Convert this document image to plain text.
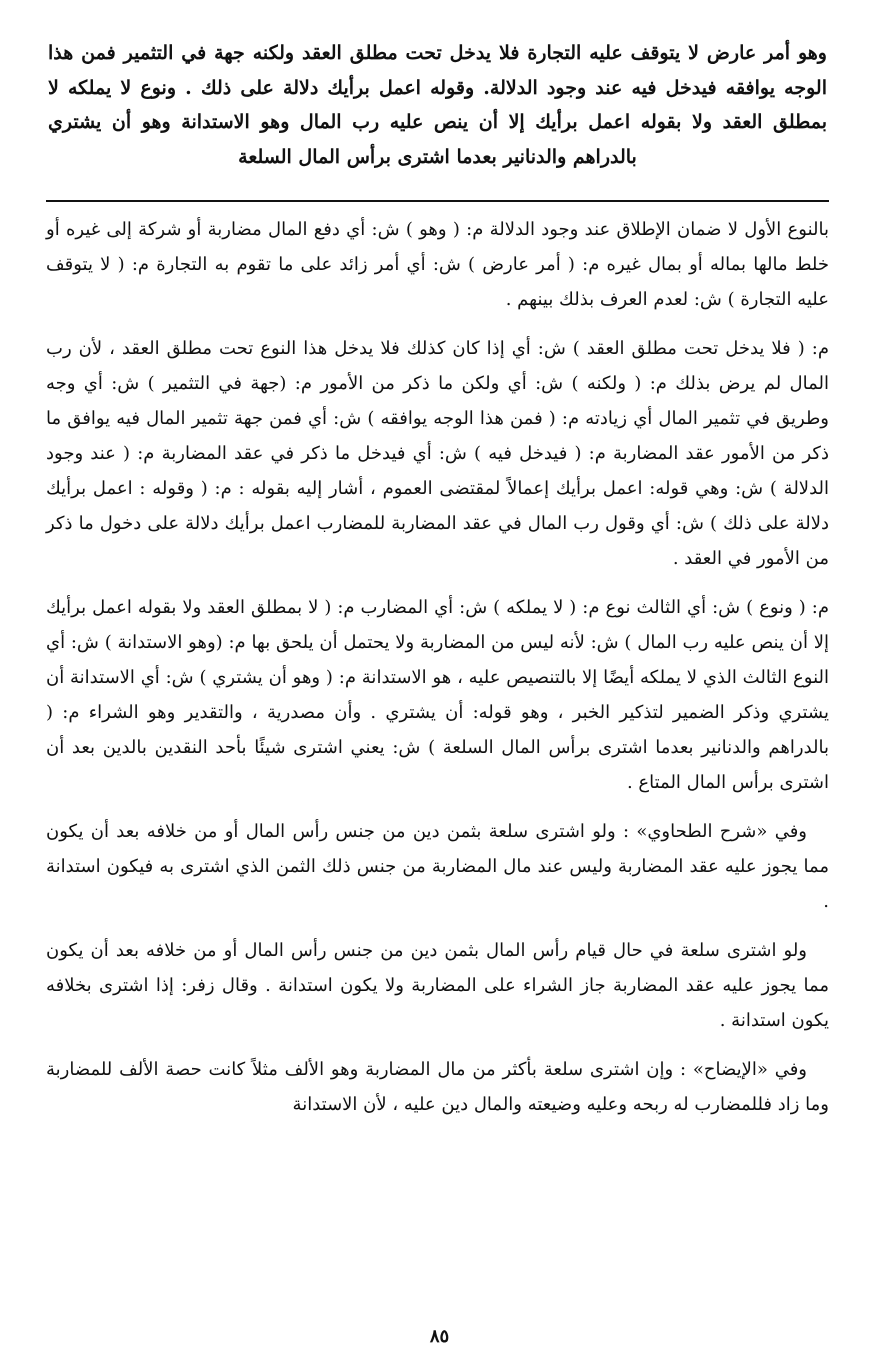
وهو أمر عارض لا يتوقف عليه التجارة فلا يدخل تحت مطلق العقد ولكنه جهة في التثمير فمن هذا الوجه يوافقه فيدخل فيه عند وجود الدلالة. وقوله اعمل برأيك دلالة على ذلك . ونوع لا يملكه لا بمطلق العقد ولا بقوله اعمل برأيك إلا أن ينص عليه رب المال وهو الاستدانة وهو أن يشتري بالدراهم والدنانير بعدما اشترى برأس المال السلعة

بالنوع الأول لا ضمان الإطلاق عند وجود الدلالة م: ( وهو ) ش: أي دفع المال مضاربة أو شركة إلى غيره أو خلط مالها بماله أو بمال غيره م: ( أمر عارض ) ش: أي أمر زائد على ما تقوم به التجارة م: ( لا يتوقف عليه التجارة ) ش: لعدم العرف بذلك بينهم .

م: ( فلا يدخل تحت مطلق العقد ) ش: أي إذا كان كذلك فلا يدخل هذا النوع تحت مطلق العقد ، لأن رب المال لم يرض بذلك م: ( ولكنه ) ش: أي ولكن ما ذكر من الأمور م: (جهة في التثمير ) ش: أي وجه وطريق في تثمير المال أي زيادته م: ( فمن هذا الوجه يوافقه ) ش: أي فمن جهة تثمير المال فيه يوافق ما ذكر من الأمور عقد المضاربة م: ( فيدخل فيه ) ش: أي فيدخل ما ذكر في عقد المضاربة م: ( عند وجود الدلالة ) ش: وهي قوله: اعمل برأيك إعمالاً لمقتضى العموم ، أشار إليه بقوله : م: ( وقوله : اعمل برأيك دلالة على ذلك ) ش: أي وقول رب المال في عقد المضاربة للمضارب اعمل برأيك دلالة على دخول ما ذكر من الأمور في العقد .

م: ( ونوع ) ش: أي الثالث نوع م: ( لا يملكه ) ش: أي المضارب م: ( لا بمطلق العقد ولا بقوله اعمل برأيك إلا أن ينص عليه رب المال ) ش: لأنه ليس من المضاربة ولا يحتمل أن يلحق بها م: (وهو الاستدانة ) ش: أي النوع الثالث الذي لا يملكه أيضًا إلا بالتنصيص عليه ، هو الاستدانة م: ( وهو أن يشتري ) ش: أي الاستدانة أن يشتري وذكر الضمير لتذكير الخبر ، وهو قوله: أن يشتري . وأن مصدرية ، والتقدير وهو الشراء م: ( بالدراهم والدنانير بعدما اشترى برأس المال السلعة ) ش: يعني اشترى شيئًا بأحد النقدين بالدين بعد أن اشترى برأس المال المتاع .

وفي «شرح الطحاوي» : ولو اشترى سلعة بثمن دين من جنس رأس المال أو من خلافه بعد أن يكون مما يجوز عليه عقد المضاربة وليس عند مال المضاربة من جنس ذلك الثمن الذي اشترى به فيكون استدانة .

ولو اشترى سلعة في حال قيام رأس المال بثمن دين من جنس رأس المال أو من خلافه بعد أن يكون مما يجوز عليه عقد المضاربة جاز الشراء على المضاربة ولا يكون استدانة . وقال زفر: إذا اشترى بخلافه يكون استدانة .

وفي «الإيضاح» : وإن اشترى سلعة بأكثر من مال المضاربة وهو الألف مثلاً كانت حصة الألف للمضاربة وما زاد فللمضارب له ربحه وعليه وضيعته والمال دين عليه ، لأن الاستدانة

٨٥
